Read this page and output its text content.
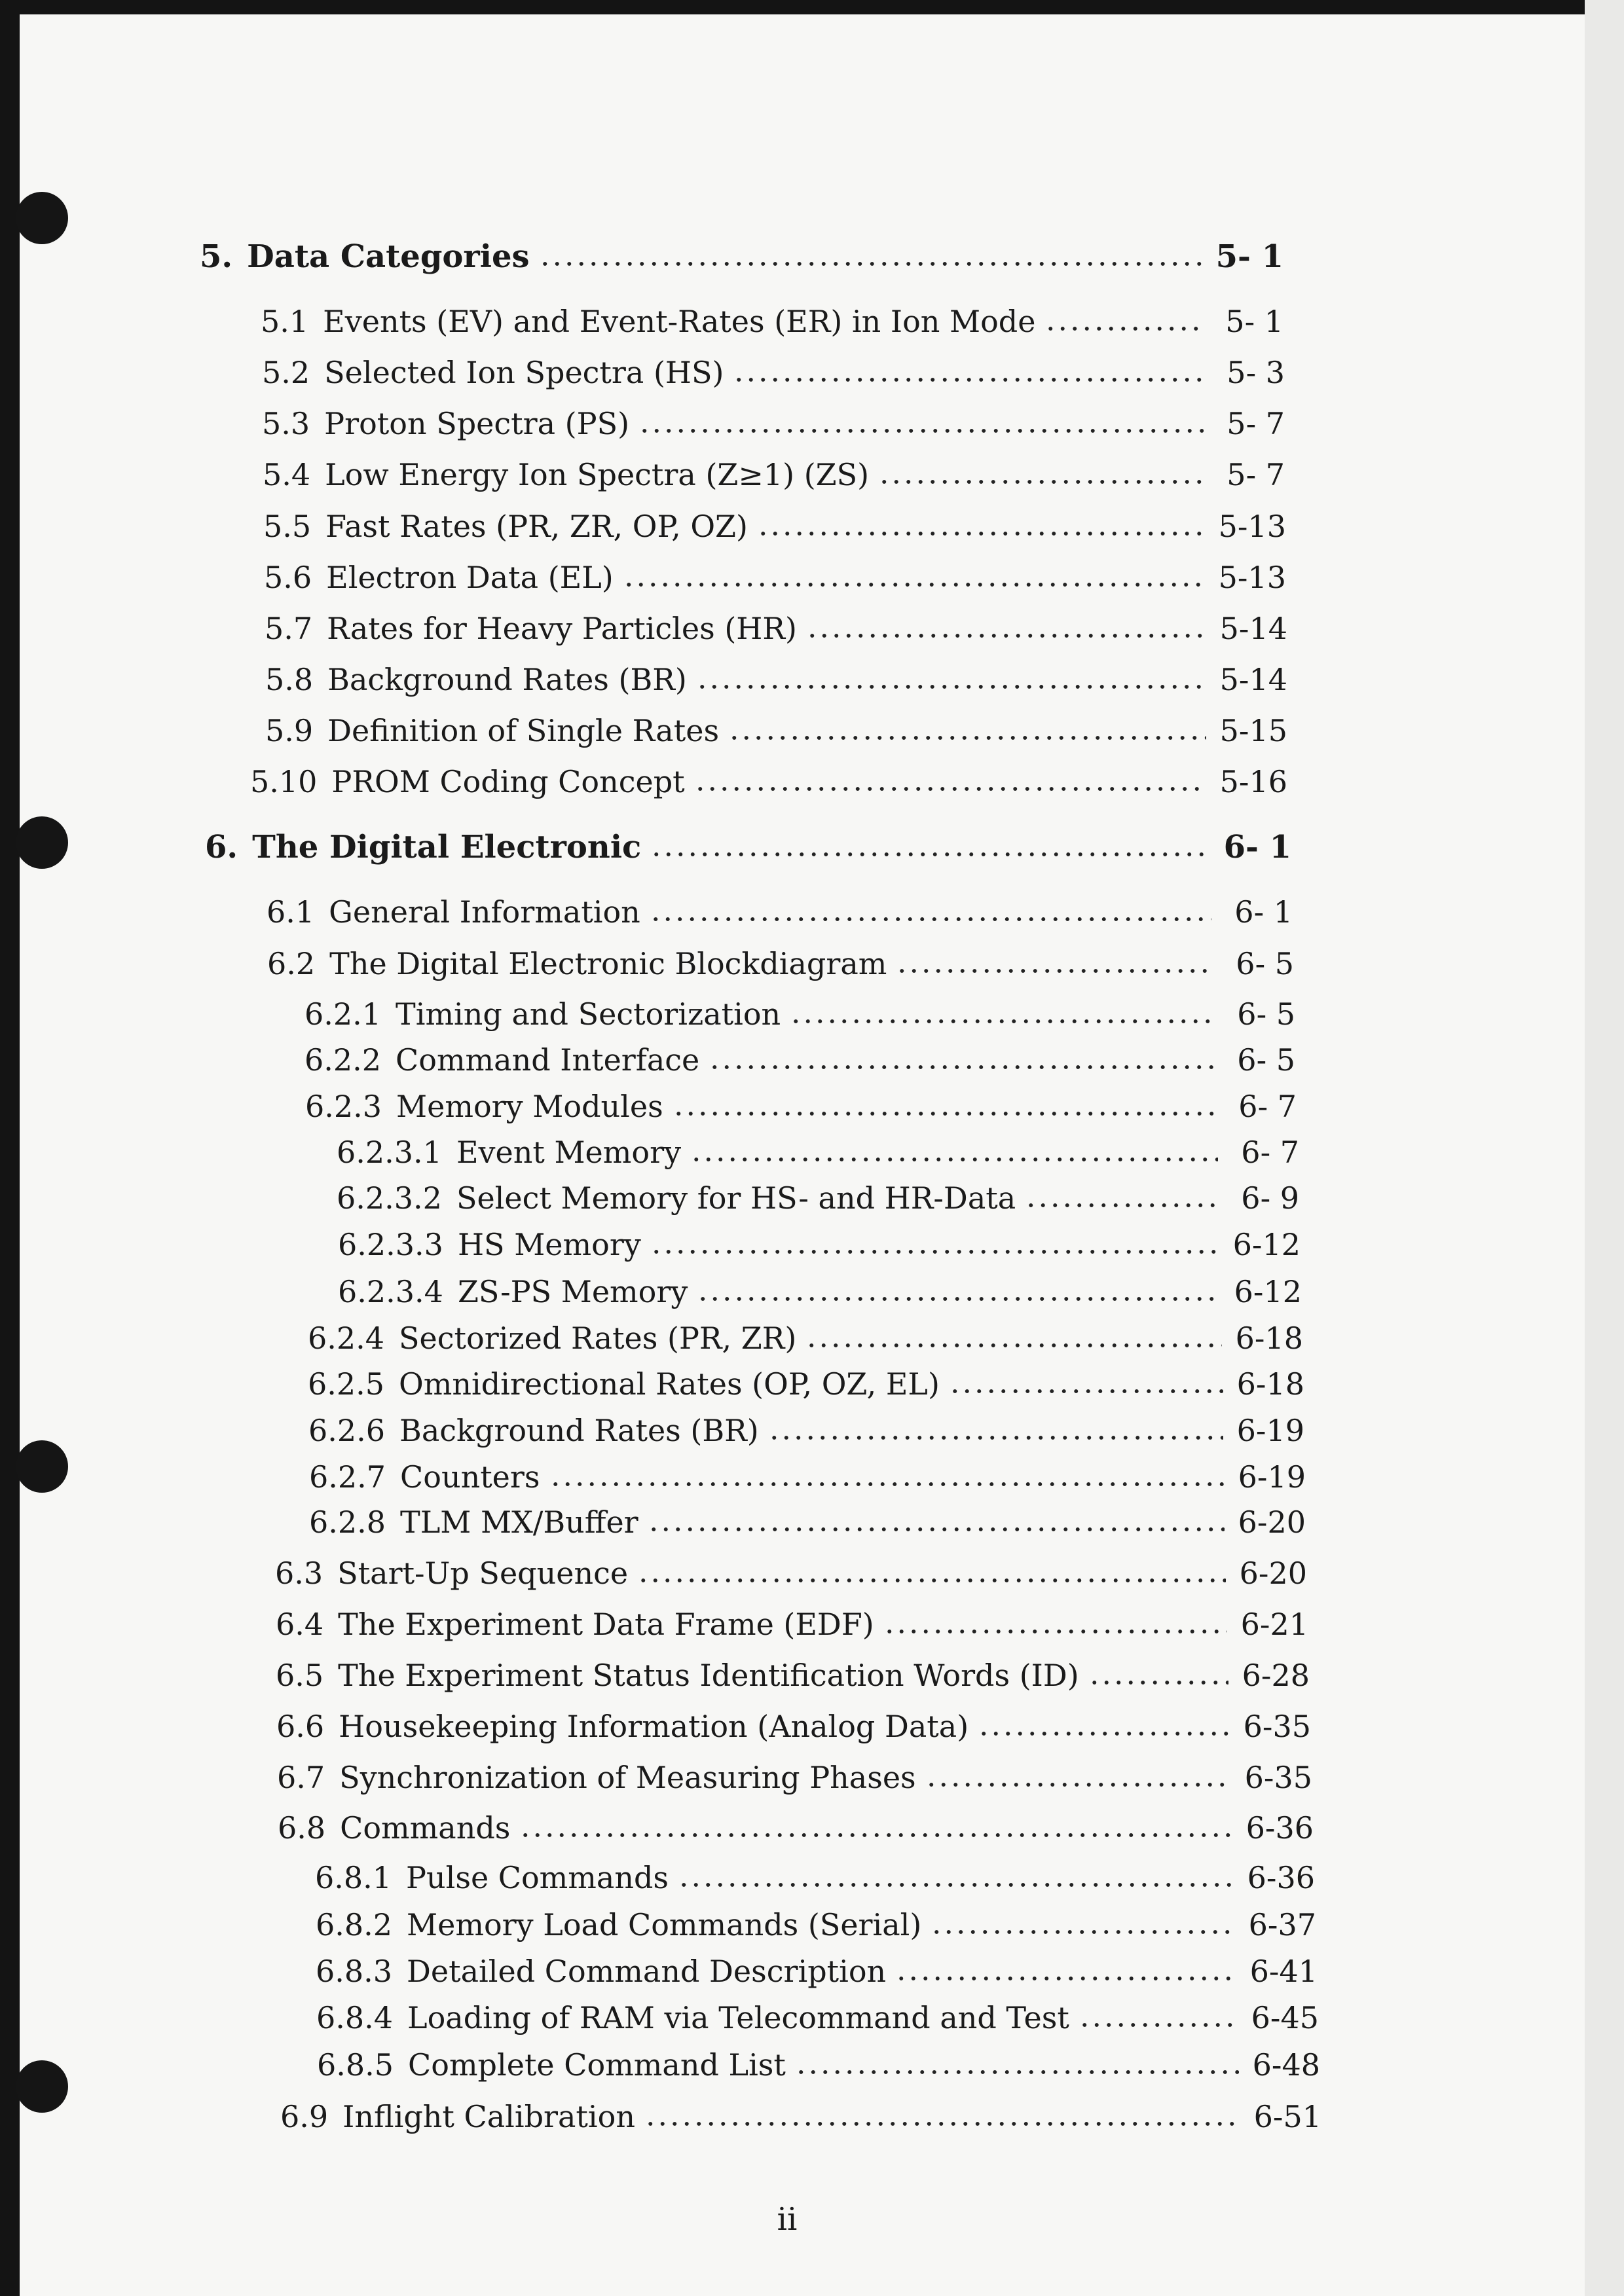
5. Data Categories	5- 1
5.1 Events (EV) and Event-Rates (ER) in Ion Mode	5- 1
5.2 Selected Ion Spectra (HS)	5- 3
5.3 Proton Spectra (PS)	5- 7
5.4 Low Energy Ion Spectra (Z≥1) (ZS)	5- 7
5.5 Fast Rates (PR, ZR, OP, OZ)	5-13
5.6 Electron Data (EL)	5-13
5.7 Rates for Heavy Particles (HR)	5-14
5.8 Background Rates (BR)	5-14
5.9 Definition of Single Rates	5-15
5.10 PROM Coding Concept	5-16
6. The Digital Electronic	6- 1
6.1 General Information	6- 1
6.2 The Digital Electronic Blockdiagram	6- 5
6.2.1 Timing and Sectorization	6- 5
6.2.2 Command Interface	6- 5
6.2.3 Memory Modules	6- 7
6.2.3.1 Event Memory	6- 7
6.2.3.2 Select Memory for HS- and HR-Data	6- 9
6.2.3.3 HS Memory	6-12
6.2.3.4 ZS-PS Memory	6-12
6.2.4 Sectorized Rates (PR, ZR)	6-18
6.2.5 Omnidirectional Rates (OP, OZ, EL)	6-18
6.2.6 Background Rates (BR)	6-19
6.2.7 Counters	6-19
6.2.8 TLM MX/Buffer	6-20
6.3 Start-Up Sequence	6-20
6.4 The Experiment Data Frame (EDF)	6-21
6.5 The Experiment Status Identification Words (ID)	6-28
6.6 Housekeeping Information (Analog Data)	6-35
6.7 Synchronization of Measuring Phases	6-35
6.8 Commands	6-36
6.8.1 Pulse Commands	6-36
6.8.2 Memory Load Commands (Serial)	6-37
6.8.3 Detailed Command Description	6-41
6.8.4 Loading of RAM via Telecommand and Test	6-45
6.8.5 Complete Command List	6-48
6.9 Inflight Calibration	6-51
ii
